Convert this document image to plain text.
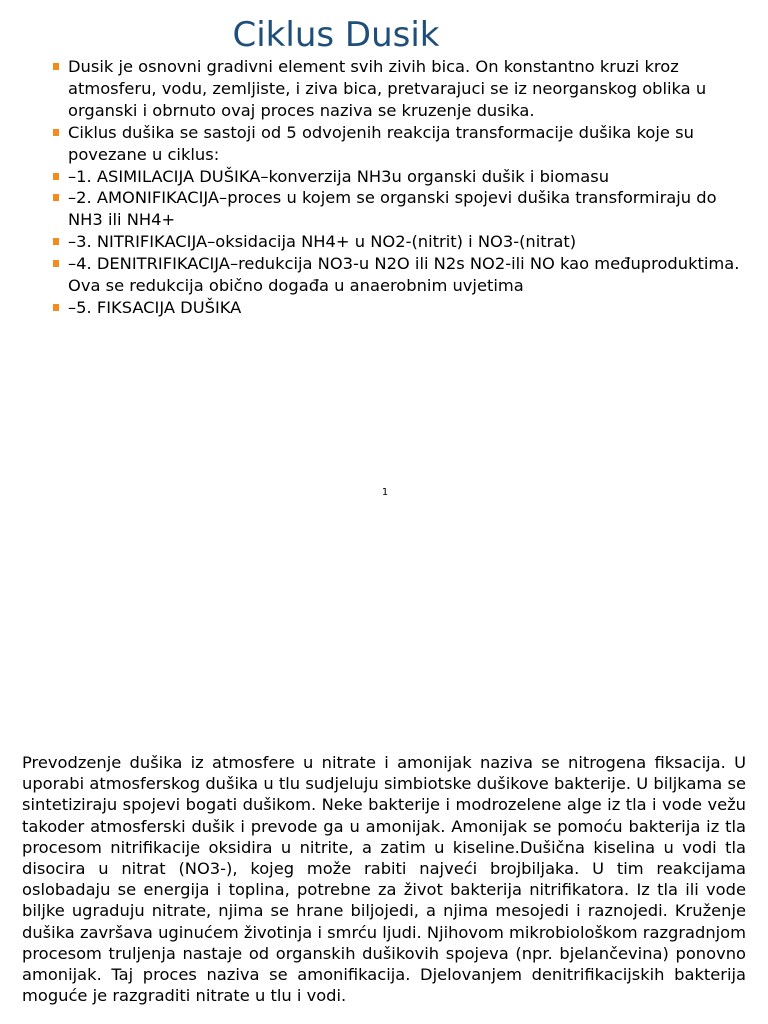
Ciklus Dusik
Dusik je osnovni gradivni element svih zivih bica. On konstantno kruzi kroz atmosferu, vodu, zemljiste, i ziva bica, pretvarajuci se iz neorganskog oblika u organski i obrnuto ovaj proces naziva se kruzenje dusika.
Ciklus dušika se sastoji od 5 odvojenih reakcija transformacije dušika koje su povezane u ciklus:
–1. ASIMILACIJA DUŠIKA–konverzija NH3u organski dušik i biomasu
–2. AMONIFIKACIJA–proces u kojem se organski spojevi dušika transformiraju do NH3 ili NH4+
–3. NITRIFIKACIJA–oksidacija NH4+ u NO2-(nitrit) i NO3-(nitrat)
–4. DENITRIFIKACIJA–redukcija NO3-u N2O ili N2s NO2-ili NO kao međuproduktima. Ova se redukcija obično događa u anaerobnim uvjetima
–5. FIKSACIJA DUŠIKA
1

Prevodzenje dušika iz atmosfere u nitrate i amonijak naziva se nitrogena fiksacija. U uporabi atmosferskog dušika u tlu sudjeluju simbiotske dušikove bakterije. U biljkama se sintetiziraju spojevi bogati dušikom. Neke bakterije i modrozelene alge iz tla i vode vežu takoder atmosferski dušik i prevode ga u amonijak. Amonijak se pomoću bakterija iz tla procesom nitrifikacije oksidira u nitrite, a zatim u kiseline.Dušična kiselina u vodi tla disocira u nitrat (NO3-), kojeg može rabiti najveći brojbiljaka. U tim reakcijama oslobadaju se energija i toplina, potrebne za život bakterija nitrifikatora. Iz tla ili vode biljke ugraduju nitrate, njima se hrane biljojedi, a njima mesojedi i raznojedi. Kruženje dušika završava uginućem životinja i smrću ljudi. Njihovom mikrobiološkom razgradnjom procesom truljenja nastaje od organskih dušikovih spojeva (npr. bjelančevina) ponovno amonijak. Taj proces naziva se amonifikacija. Djelovanjem denitrifikacijskih bakterija moguće je razgraditi nitrate u tlu i vodi.
